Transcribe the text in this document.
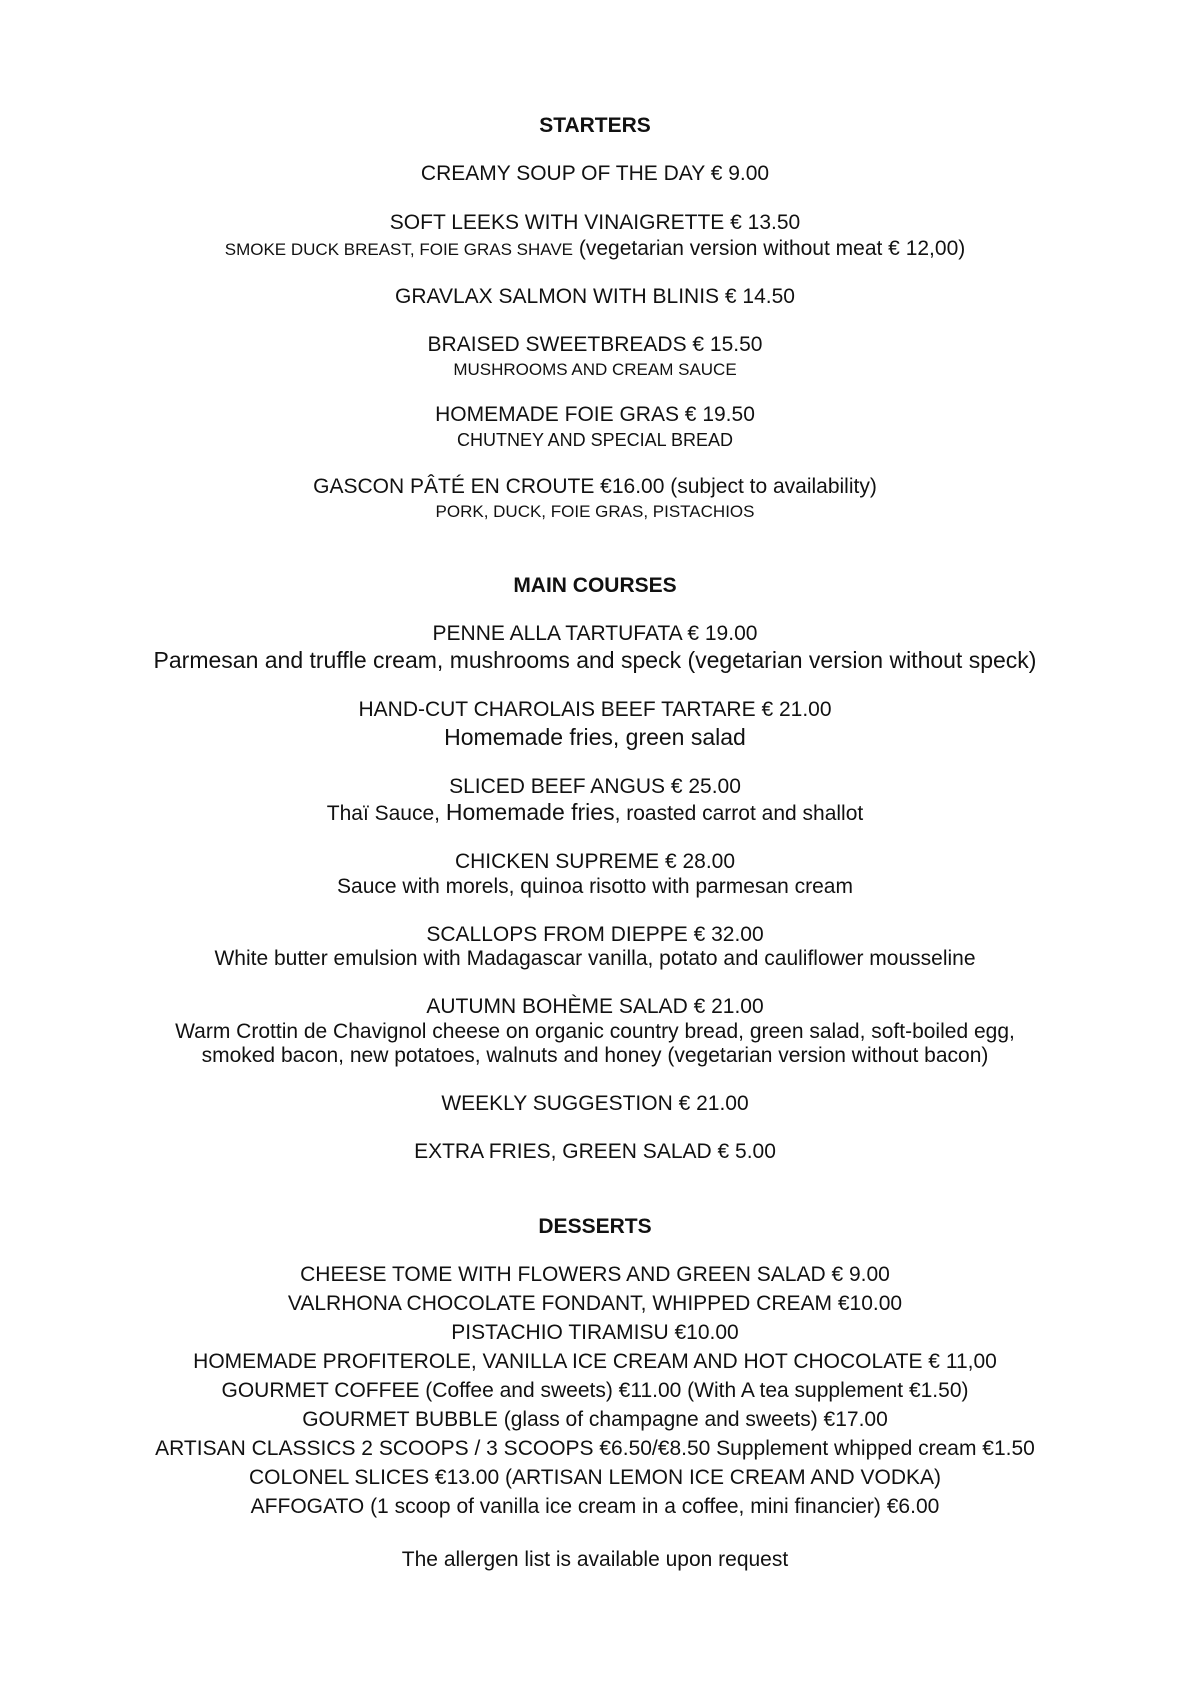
STARTERS
CREAMY SOUP OF THE DAY € 9.00
SOFT LEEKS WITH VINAIGRETTE € 13.50
SMOKE DUCK BREAST, FOIE GRAS SHAVE (vegetarian version without meat € 12,00)
GRAVLAX SALMON WITH BLINIS € 14.50
BRAISED SWEETBREADS € 15.50
MUSHROOMS AND CREAM SAUCE
HOMEMADE FOIE GRAS € 19.50
CHUTNEY AND SPECIAL BREAD
GASCON PÂTÉ EN CROUTE €16.00 (subject to availability)
PORK, DUCK, FOIE GRAS, PISTACHIOS
MAIN COURSES
PENNE ALLA TARTUFATA € 19.00
Parmesan and truffle cream, mushrooms and speck (vegetarian version without speck)
HAND-CUT CHAROLAIS BEEF TARTARE € 21.00
Homemade fries, green salad
SLICED BEEF ANGUS € 25.00
Thaï Sauce, Homemade fries, roasted carrot and shallot
CHICKEN SUPREME € 28.00
Sauce with morels, quinoa risotto with parmesan cream
SCALLOPS FROM DIEPPE € 32.00
White butter emulsion with Madagascar vanilla, potato and cauliflower mousseline
AUTUMN BOHÈME SALAD € 21.00
Warm Crottin de Chavignol cheese on organic country bread, green salad, soft-boiled egg,
smoked bacon, new potatoes, walnuts and honey (vegetarian version without bacon)
WEEKLY SUGGESTION € 21.00
EXTRA FRIES, GREEN SALAD € 5.00
DESSERTS
CHEESE TOME WITH FLOWERS AND GREEN SALAD € 9.00
VALRHONA CHOCOLATE FONDANT, WHIPPED CREAM €10.00
PISTACHIO TIRAMISU €10.00
HOMEMADE PROFITEROLE, VANILLA ICE CREAM AND HOT CHOCOLATE € 11,00
GOURMET COFFEE (Coffee and sweets) €11.00 (With A tea supplement €1.50)
GOURMET BUBBLE (glass of champagne and sweets) €17.00
ARTISAN CLASSICS 2 SCOOPS / 3 SCOOPS €6.50/€8.50 Supplement whipped cream €1.50
COLONEL SLICES €13.00 (ARTISAN LEMON ICE CREAM AND VODKA)
AFFOGATO (1 scoop of vanilla ice cream in a coffee, mini financier) €6.00
The allergen list is available upon request
